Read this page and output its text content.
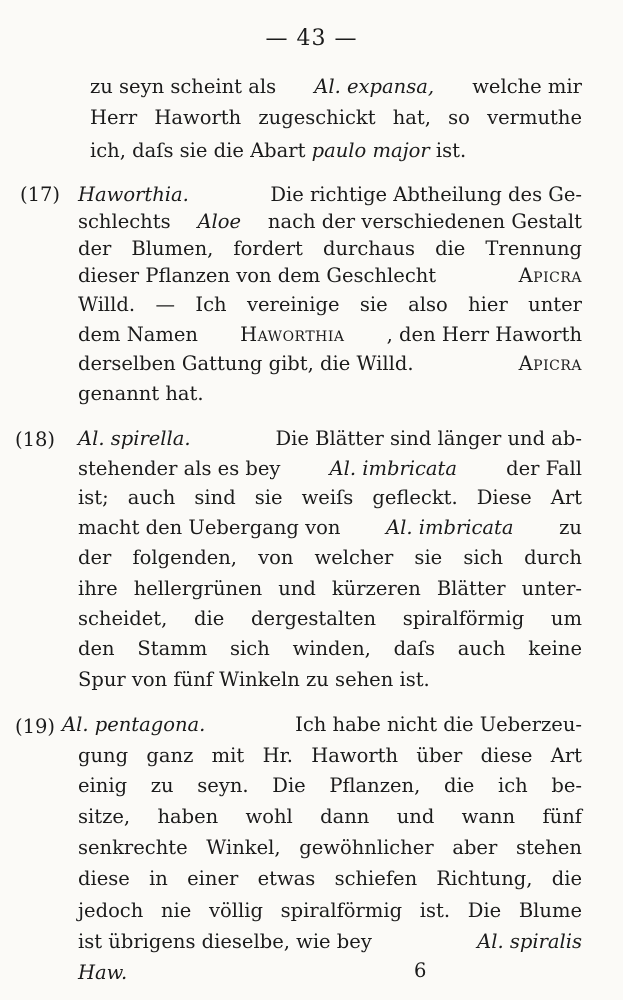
— 43 —
zu seyn scheint als Al. expansa, welche mir
Herr Haworth zugeschickt hat, so vermuthe
ich, daſs sie die Abart paulo major ist.
(17) Haworthia.	Die richtige Abtheilung des Ge-
schlechts Aloe nach der verschiedenen Gestalt
der Blumen, fordert durchaus die Trennung
dieser Pflanzen von dem Geschlecht	Apicra
Willd. — Ich vereinige sie also hier unter
dem Namen Haworthia , den Herr Haworth
derselben Gattung gibt, die Willd.	Apicra
genannt hat.
(18) Al. spirella.	Die Blätter sind länger und ab-
stehender als es bey	Al. imbricata	der Fall
ist; auch sind sie weiſs gefleckt. Diese Art
macht den Uebergang von Al. imbricata zu
der folgenden, von welcher sie sich durch
ihre hellergrünen und kürzeren Blätter unter-
scheidet, die dergestalten spiralförmig um
den Stamm sich winden, daſs auch keine
Spur von fünf Winkeln zu sehen ist.
(19) Al. pentagona.	Ich habe nicht die Ueberzeu-
gung ganz mit Hr. Haworth über diese Art
einig zu seyn. Die Pflanzen, die ich be-
sitze, haben wohl dann und wann fünf
senkrechte Winkel, gewöhnlicher aber stehen
diese in einer etwas schiefen Richtung, die
jedoch nie völlig spiralförmig ist. Die Blume
ist übrigens dieselbe, wie bey	Al. spiralis
Haw.	6
